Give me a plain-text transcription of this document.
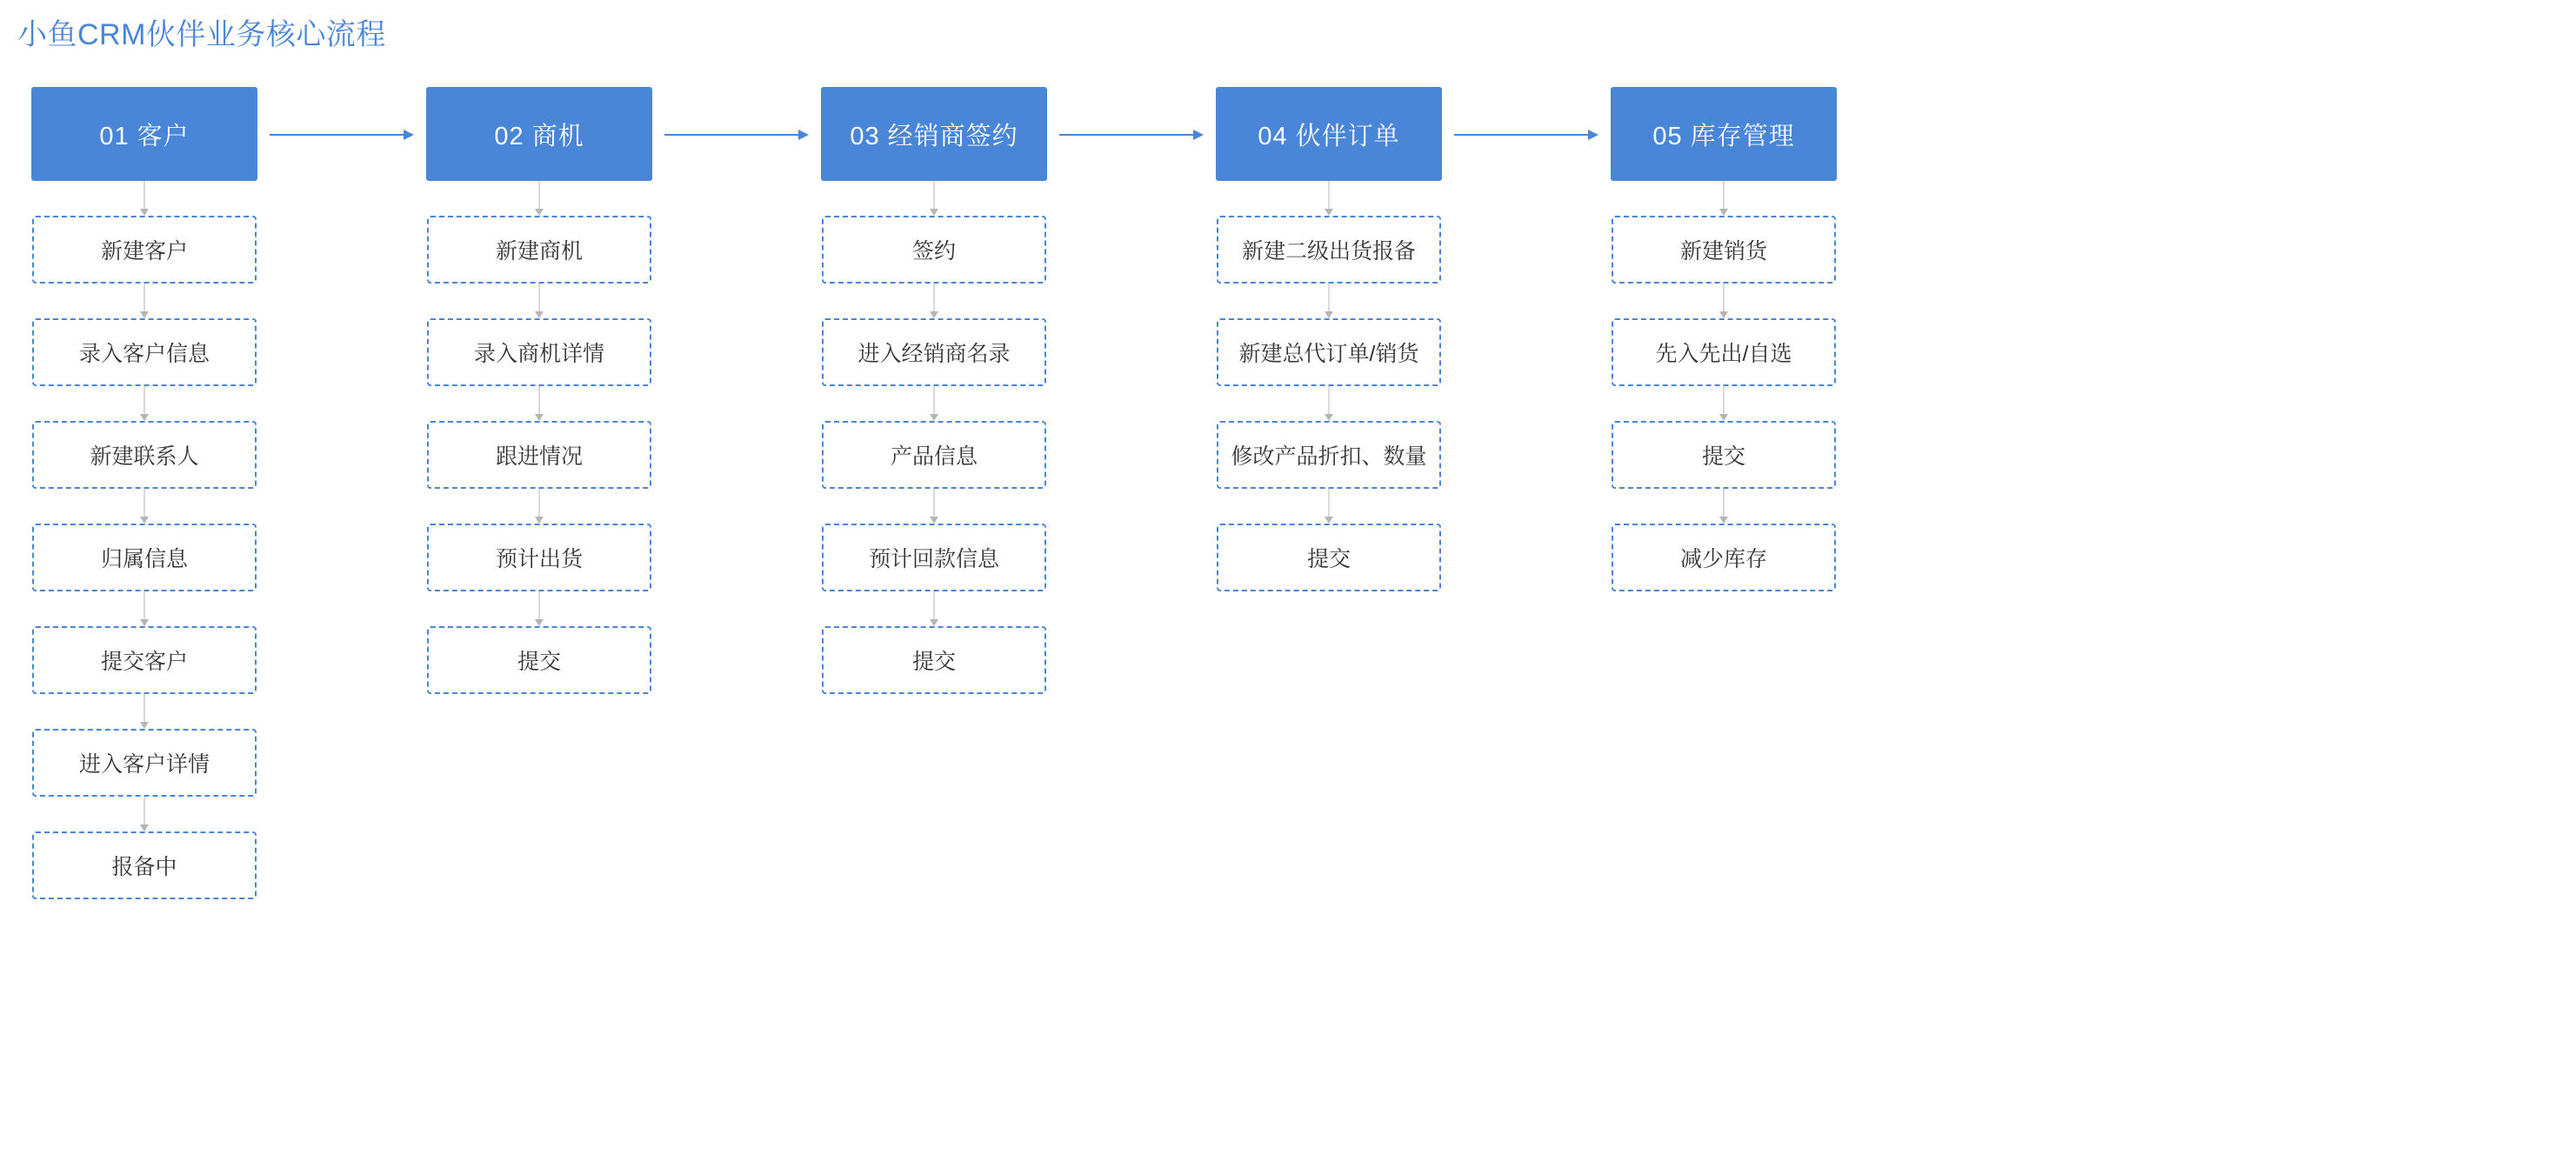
小鱼CRM伙伴业务核心流程
01 客户
新建客户
录入客户信息
新建联系人
归属信息
提交客户
进入客户详情
报备中
02 商机
新建商机
录入商机详情
跟进情况
预计出货
提交
03 经销商签约
签约
进入经销商名录
产品信息
预计回款信息
提交
04 伙伴订单
新建二级出货报备
新建总代订单/销货
修改产品折扣、数量
提交
05 库存管理
新建销货
先入先出/自选
提交
减少库存
